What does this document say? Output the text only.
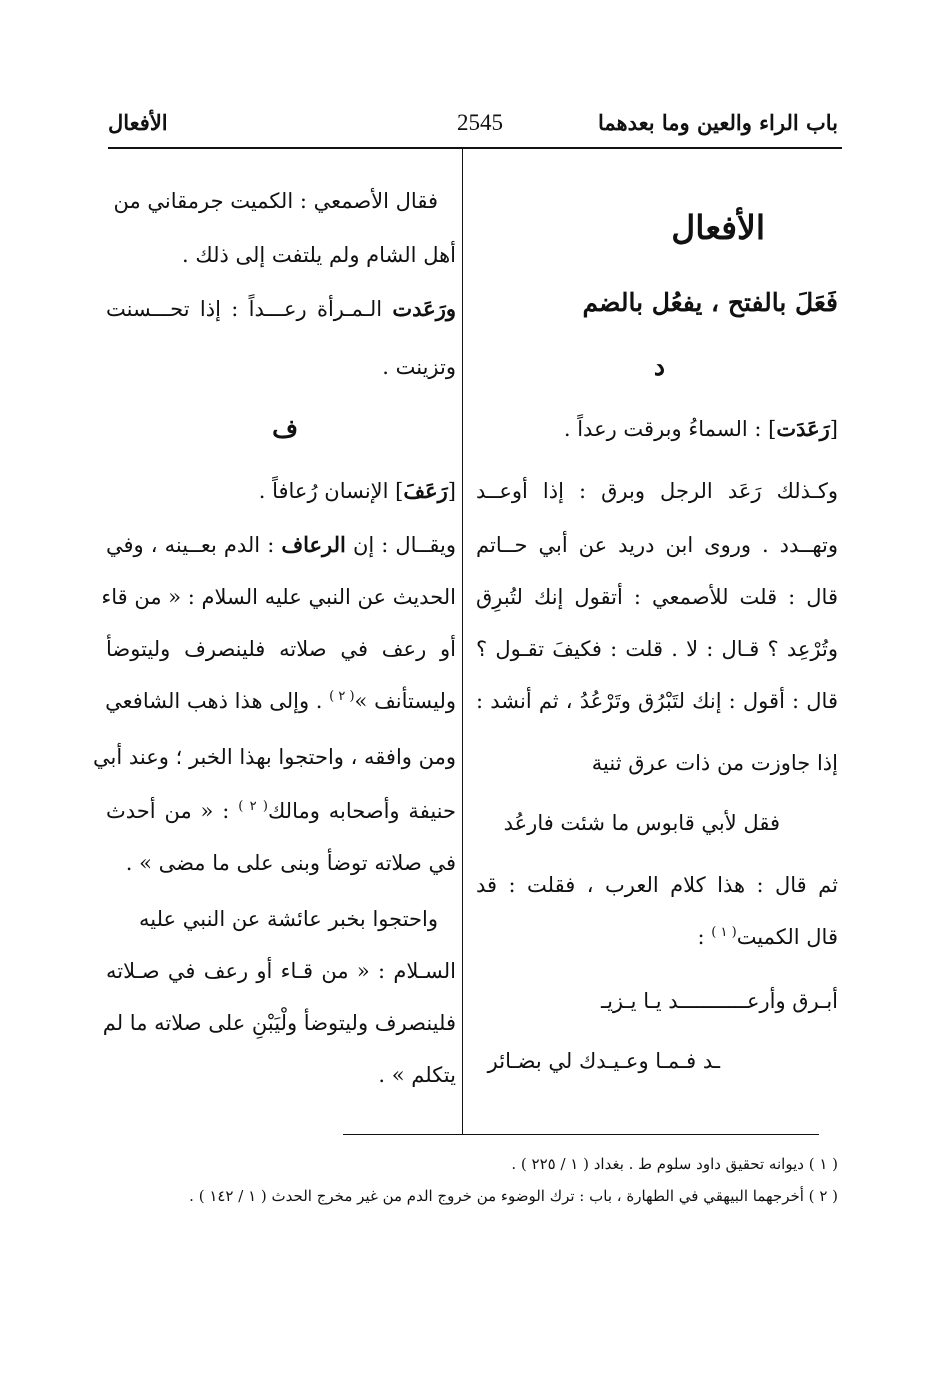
باب الراء والعين وما بعدهما
2545
الأفعال
الأفعال
فَعَلَ بالفتح ، يفعُل بالضم
د
[رَعَدَت] : السماءُ وبرقت رعداً .
وكـذلك رَعَد الرجل وبرق : إذا أوعــد
وتهــدد . وروى ابن دريد عن أبي حــاتم
قال : قلت للأصمعي : أتقول إنك لتُبرِق
وتُرْعِد ؟ قـال : لا . قلت : فكيفَ تقـول ؟
قال : أقول : إنك لتَبْرُق وتَرْعُدُ ، ثم أنشد :
إذا جاوزت من ذات عرق ثنية
فقل لأبي قابوس ما شئت فارعُد
ثم قال : هذا كلام العرب ، فقلت : قد
قال الكميت$^{( ١ )}$ :
أبـرق وأرعـــــــــــد يـا يـزيـ
ـد فـمـا وعـيـدك لي بضـائر
فقال الأصمعي : الكميت جرمقاني من
أهل الشام ولم يلتفت إلى ذلك .
ورَعَدت الـمـرأة رعـــداً : إذا تحـــسنت
وتزينت .
ف
[رَعَفَ] الإنسان رُعافاً .
ويقــال : إن الرعاف : الدم بعــينه ، وفي
الحديث عن النبي عليه السلام : « من قاء
أو رعف في صلاته فلينصرف وليتوضأ
وليستأنف »$^{( ٢ )}$ . وإلى هذا ذهب الشافعي
ومن وافقه ، واحتجوا بهذا الخبر ؛ وعند أبي
حنيفة وأصحابه ومالك$^{( ٢ )}$ : « من أحدث
في صلاته توضأ وبنى على ما مضى » .
واحتجوا بخبر عائشة عن النبي عليه
السـلام : « من قـاء أو رعف في صـلاته
فلينصرف وليتوضأ ولْيَبْنِ على صلاته ما لم
يتكلم » .
( ١ ) ديوانه تحقيق داود سلوم ط . بغداد ( ١ / ٢٢٥ ) .
( ٢ ) أخرجهما البيهقي في الطهارة ، باب : ترك الوضوء من خروج الدم من غير مخرج الحدث ( ١ / ١٤٢ ) .
